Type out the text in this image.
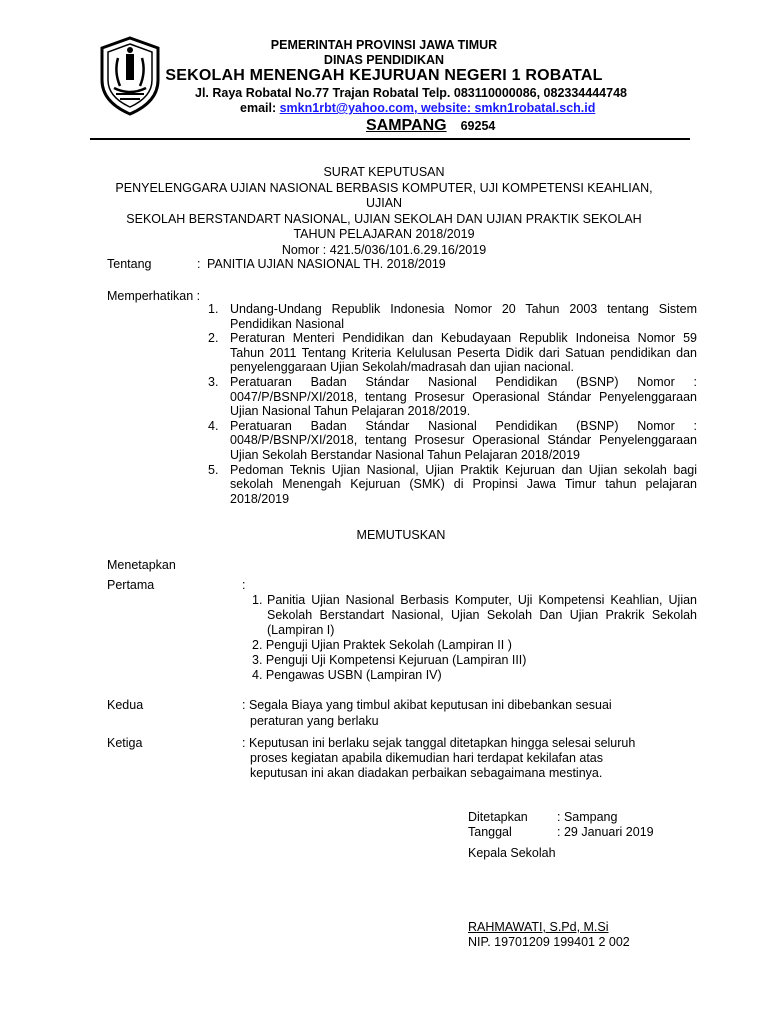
PEMERINTAH PROVINSI JAWA TIMUR
DINAS PENDIDIKAN
SEKOLAH MENENGAH KEJURUAN NEGERI 1 ROBATAL
Jl. Raya Robatal No.77 Trajan Robatal Telp. 083110000086, 082334444748
email: smkn1rbt@yahoo.com, website: smkn1robatal.sch.id
SAMPANG 69254
SURAT KEPUTUSAN
PENYELENGGARA UJIAN NASIONAL BERBASIS KOMPUTER, UJI KOMPETENSI KEAHLIAN, UJIAN
SEKOLAH BERSTANDART NASIONAL, UJIAN SEKOLAH DAN UJIAN PRAKTIK SEKOLAH
TAHUN PELAJARAN 2018/2019
Nomor : 421.5/036/101.6.29.16/2019
Tentang	: PANITIA UJIAN NASIONAL TH. 2018/2019
Memperhatikan :
1. Undang-Undang Republik Indonesia Nomor 20 Tahun 2003 tentang Sistem Pendidikan Nasional
2. Peraturan Menteri Pendidikan dan Kebudayaan Republik Indoneisa Nomor 59 Tahun 2011 Tentang Kriteria Kelulusan Peserta Didik dari Satuan pendidikan dan penyelenggaraan Ujian Sekolah/madrasah dan ujian nacional.
3. Peratuaran Badan Stándar Nasional Pendidikan (BSNP) Nomor : 0047/P/BSNP/XI/2018, tentang Prosesur Operasional Stándar Penyelenggaraan Ujian Nasional Tahun Pelajaran 2018/2019.
4. Peratuaran Badan Stándar Nasional Pendidikan (BSNP) Nomor : 0048/P/BSNP/XI/2018, tentang Prosesur Operasional Stándar Penyelenggaraan Ujian Sekolah Berstandar Nasional Tahun Pelajaran 2018/2019
5. Pedoman Teknis Ujian Nasional, Ujian Praktik Kejuruan dan Ujian sekolah bagi sekolah Menengah Kejuruan (SMK) di Propinsi Jawa Timur tahun pelajaran 2018/2019
MEMUTUSKAN
Menetapkan
Pertama	:
1. Panitia Ujian Nasional Berbasis Komputer, Uji Kompetensi Keahlian, Ujian Sekolah Berstandart Nasional, Ujian Sekolah Dan Ujian Prakrik Sekolah (Lampiran I)
2. Penguji Ujian Praktek Sekolah (Lampiran II )
3. Penguji Uji Kompetensi Kejuruan (Lampiran III)
4. Pengawas USBN (Lampiran IV)
Kedua	: Segala Biaya yang timbul akibat keputusan ini dibebankan sesuai
peraturan yang berlaku
Ketiga	: Keputusan ini berlaku sejak tanggal ditetapkan hingga selesai seluruh
proses kegiatan apabila dikemudian hari terdapat kekilafan atas
keputusan ini akan diadakan perbaikan sebagaimana mestinya.
Ditetapkan : Sampang
Tanggal	: 29 Januari 2019
Kepala Sekolah
RAHMAWATI, S.Pd, M.Si
NIP. 19701209 199401 2 002
